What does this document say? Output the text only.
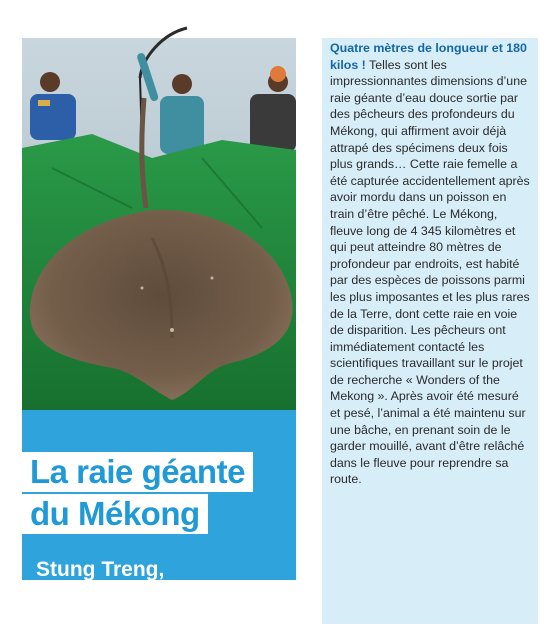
La raie géante
du Mékong
Stung Treng,
Cambodge

Quatre mètres de longueur et 180 kilos ! Telles sont les impressionnantes dimensions d’une raie géante d’eau douce sortie par des pêcheurs des profondeurs du Mékong, qui affirment avoir déjà attrapé des spécimens deux fois plus grands… Cette raie femelle a été capturée accidentellement après avoir mordu dans un poisson en train d’être pêché. Le Mékong, fleuve long de 4 345 kilomètres et qui peut atteindre 80 mètres de profondeur par endroits, est habité par des espèces de poissons parmi les plus imposantes et les plus rares de la Terre, dont cette raie en voie de disparition. Les pêcheurs ont immédiatement contacté les scientifiques travaillant sur le projet de recherche « Wonders of the Mekong ». Après avoir été mesuré et pesé, l’animal a été maintenu sur une bâche, en prenant soin de le garder mouillé, avant d’être relâché dans le fleuve pour reprendre sa route.
